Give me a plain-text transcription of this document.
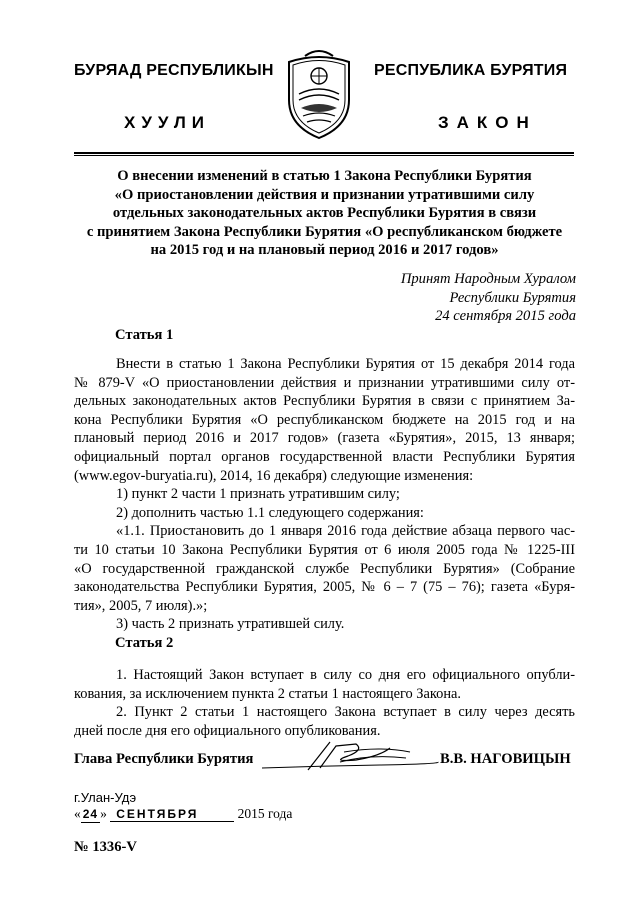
БУРЯАД РЕСПУБЛИКЫН	РЕСПУБЛИКА БУРЯТИЯ
ХУУЛИ	ЗАКОН
О внесении изменений в статью 1 Закона Республики Бурятия
«О приостановлении действия и признании утратившими силу
отдельных законодательных актов Республики Бурятия в связи
с принятием Закона Республики Бурятия «О республиканском бюджете
на 2015 год и на плановый период 2016 и 2017 годов»
Принят Народным Хуралом
Республики Бурятия
24 сентября 2015 года
Статья 1
Внести в статью 1 Закона Республики Бурятия от 15 декабря 2014 года
№ 879-V «О приостановлении действия и признании утратившими силу от-
дельных законодательных актов Республики Бурятия в связи с принятием За-
кона Республики Бурятия «О республиканском бюджете на 2015 год и на
плановый период 2016 и 2017 годов» (газета «Бурятия», 2015, 13 января;
официальный портал органов государственной власти Республики Бурятия
(www.egov-buryatia.ru), 2014, 16 декабря) следующие изменения:
1) пункт 2 части 1 признать утратившим силу;
2) дополнить частью 1.1 следующего содержания:
«1.1. Приостановить до 1 января 2016 года действие абзаца первого час-
ти 10 статьи 10 Закона Республики Бурятия от 6 июля 2005 года № 1225-III
«О государственной гражданской службе Республики Бурятия» (Собрание
законодательства Республики Бурятия, 2005, № 6 – 7 (75 – 76); газета «Буря-
тия», 2005, 7 июля).»;
3) часть 2 признать утратившей силу.
Статья 2
1. Настоящий Закон вступает в силу со дня его официального опубли-
кования, за исключением пункта 2 статьи 1 настоящего Закона.
2. Пункт 2 статьи 1 настоящего Закона вступает в силу через десять
дней после дня его официального опубликования.
Глава Республики Бурятия	В.В. НАГОВИЦЫН
г.Улан-Удэ
« 24 » СЕНТЯБРЯ	2015 года
№ 1336-V
